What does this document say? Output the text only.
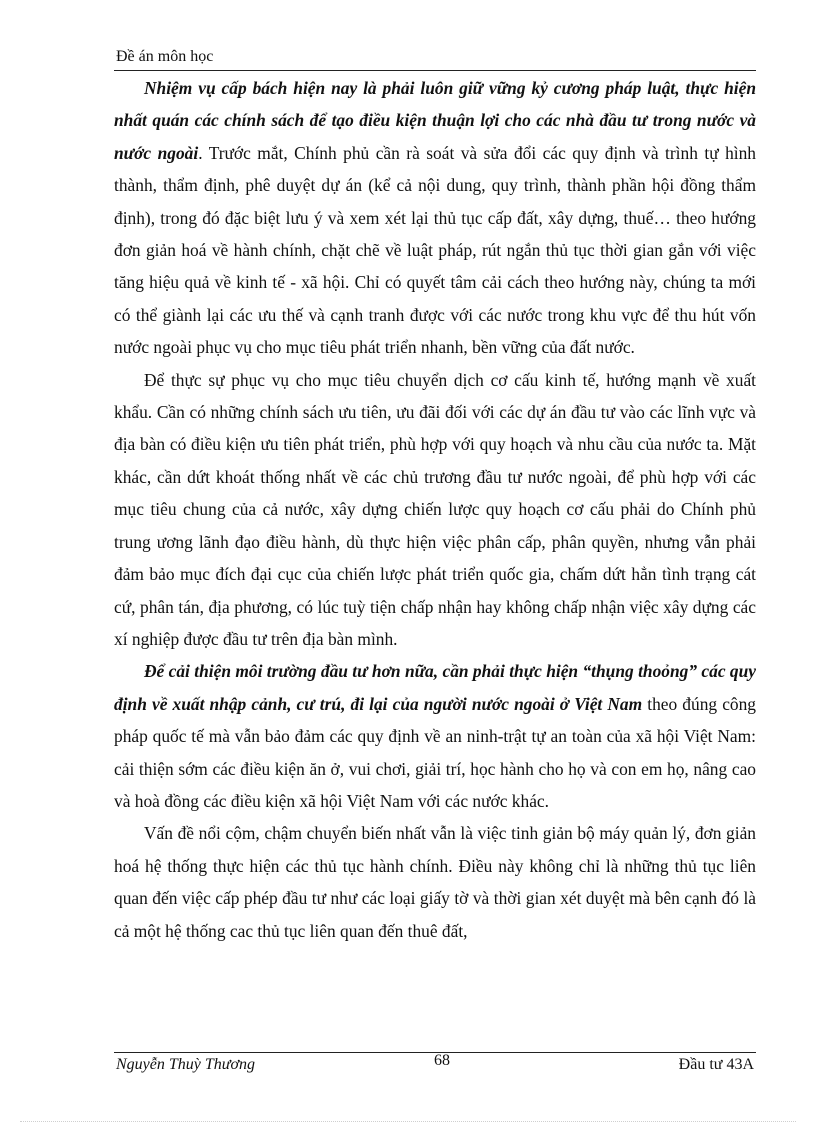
Đề án môn học

Nhiệm vụ cấp bách hiện nay là phải luôn giữ vững kỷ cương pháp luật, thực hiện nhất quán các chính sách để tạo điều kiện thuận lợi cho các nhà đầu tư trong nước và nước ngoài. Trước mắt, Chính phủ cần rà soát và sửa đổi các quy định và trình tự hình thành, thẩm định, phê duyệt dự án (kể cả nội dung, quy trình, thành phần hội đồng thẩm định), trong đó đặc biệt lưu ý và xem xét lại thủ tục cấp đất, xây dựng, thuế… theo hướng đơn giản hoá về hành chính, chặt chẽ về luật pháp, rút ngắn thủ tục thời gian gắn với việc tăng hiệu quả về kinh tế - xã hội. Chỉ có quyết tâm cải cách theo hướng này, chúng ta mới có thể giành lại các ưu thế và cạnh tranh được với các nước trong khu vực để thu hút vốn nước ngoài phục vụ cho mục tiêu phát triển nhanh, bền vững của đất nước.

Để thực sự phục vụ cho mục tiêu chuyển dịch cơ cấu kinh tế, hướng mạnh về xuất khẩu. Cần có những chính sách ưu tiên, ưu đãi đối với các dự án đầu tư vào các lĩnh vực và địa bàn có điều kiện ưu tiên phát triển, phù hợp với quy hoạch và nhu cầu của nước ta. Mặt khác, cần dứt khoát thống nhất về các chủ trương đầu tư nước ngoài, để phù hợp với các mục tiêu chung của cả nước, xây dựng chiến lược quy hoạch cơ cấu phải do Chính phủ trung ương lãnh đạo điều hành, dù thực hiện việc phân cấp, phân quyền, nhưng vẫn phải đảm bảo mục đích đại cục của chiến lược phát triển quốc gia, chấm dứt hẳn tình trạng cát cứ, phân tán, địa phương, có lúc tuỳ tiện chấp nhận hay không chấp nhận việc xây dựng các xí nghiệp được đầu tư trên địa bàn mình.

Để cải thiện môi trường đầu tư hơn nữa, cần phải thực hiện “thụng thoỏng” các quy định về xuất nhập cảnh, cư trú, đi lại của người nước ngoài ở Việt Nam theo đúng công pháp quốc tế mà vẫn bảo đảm các quy định về an ninh-trật tự an toàn của xã hội Việt Nam: cải thiện sớm các điều kiện ăn ở, vui chơi, giải trí, học hành cho họ và con em họ, nâng cao và hoà đồng các điều kiện xã hội Việt Nam với các nước khác.

Vấn đề nổi cộm, chậm chuyển biến nhất vẫn là việc tinh giản bộ máy quản lý, đơn giản hoá hệ thống thực hiện các thủ tục hành chính. Điều này không chỉ là những thủ tục liên quan đến việc cấp phép đầu tư như các loại giấy tờ và thời gian xét duyệt mà bên cạnh đó là cả một hệ thống cac thủ tục liên quan đến thuê đất,

Nguyễn Thuỳ Thương	68	Đầu tư 43A
